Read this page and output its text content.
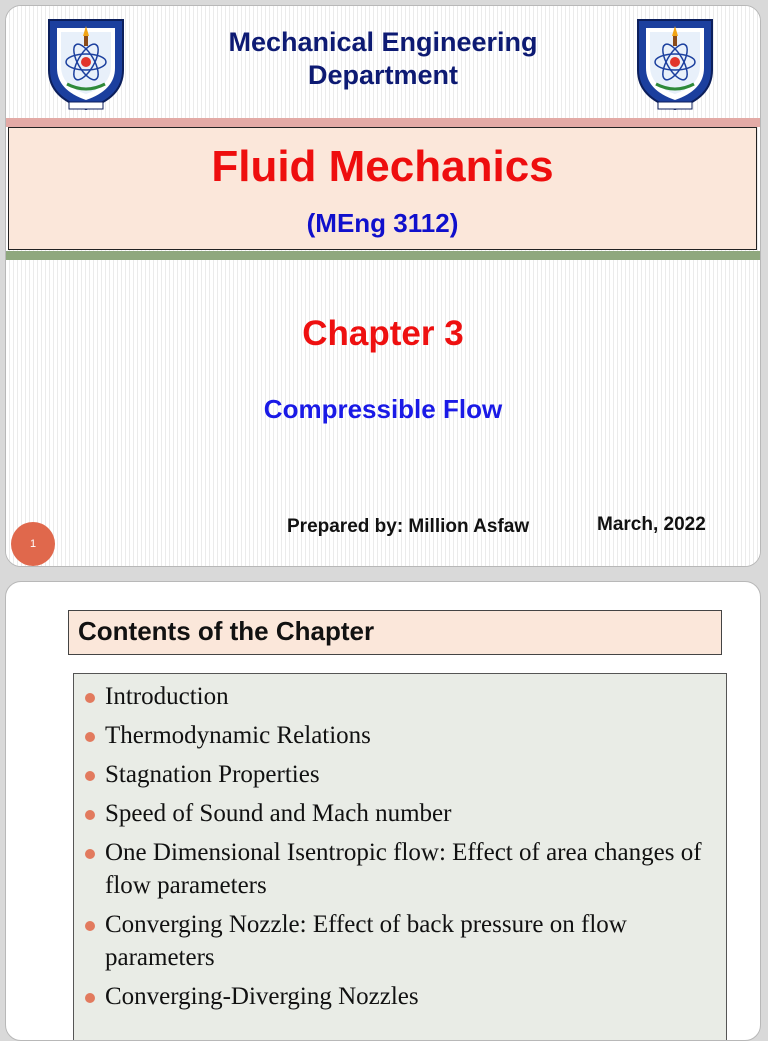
Mechanical Engineering
Department
Fluid Mechanics
(MEng 3112)
Chapter 3
Compressible Flow
Prepared by: Million Asfaw	March, 2022
1
Contents of the Chapter
Introduction
Thermodynamic Relations
Stagnation Properties
Speed of Sound and Mach number
One Dimensional Isentropic flow: Effect of area changes of flow parameters
Converging Nozzle: Effect of back pressure on flow parameters
Converging-Diverging Nozzles
